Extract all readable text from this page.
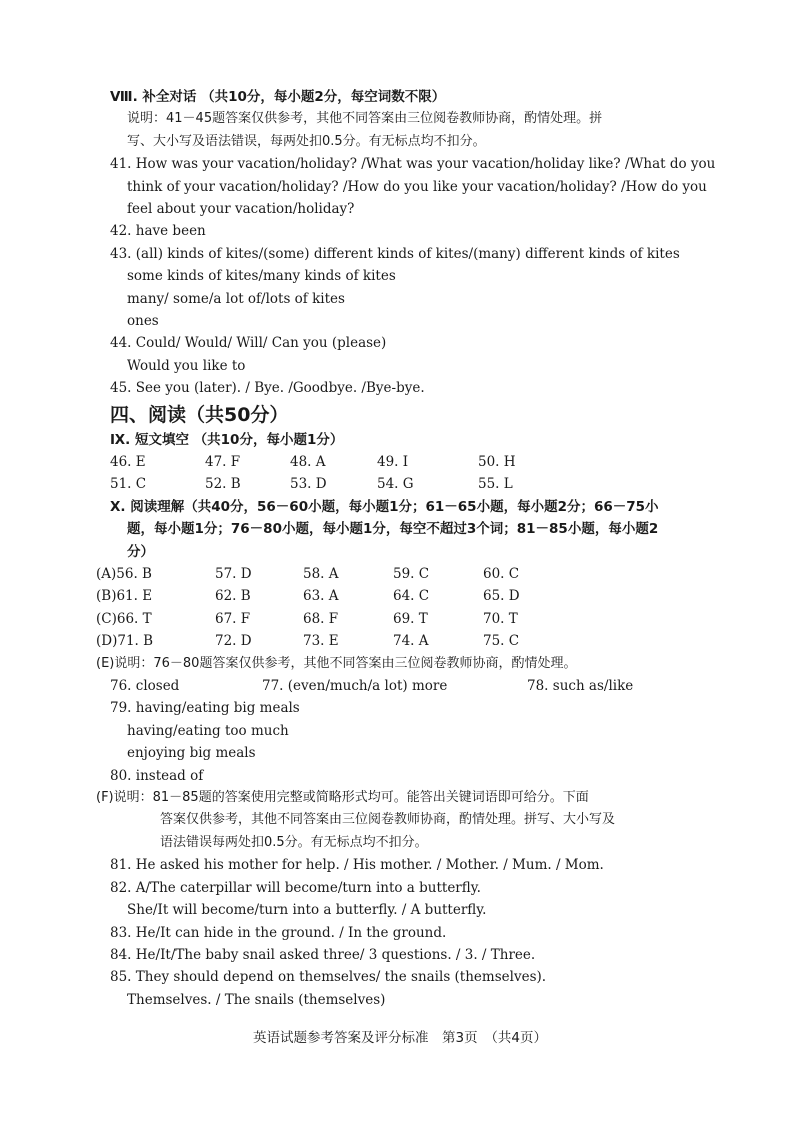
Ⅷ. 补全对话 （共10分，每小题2分，每空词数不限）
说明：41－45题答案仅供参考，其他不同答案由三位阅卷教师协商，酌情处理。拼
写、大小写及语法错误，每两处扣0.5分。有无标点均不扣分。
41. How was your vacation/holiday? /What was your vacation/holiday like? /What do you
think of your vacation/holiday? /How do you like your vacation/holiday? /How do you
feel about your vacation/holiday?
42. have been
43. (all) kinds of kites/(some) different kinds of kites/(many) different kinds of kites
some kinds of kites/many kinds of kites
many/ some/a lot of/lots of kites
ones
44. Could/ Would/ Will/ Can you (please)
Would you like to
45. See you (later). / Bye. /Goodbye. /Bye-bye.
四、阅读（共50分）
Ⅸ. 短文填空 （共10分，每小题1分）
46. E	47. F	48. A	49. I	50. H
51. C	52. B	53. D	54. G	55. L
Ⅹ. 阅读理解（共40分，56－60小题，每小题1分；61－65小题，每小题2分；66－75小
题，每小题1分；76－80小题，每小题1分，每空不超过3个词；81－85小题，每小题2
分）
(A)56. B	57. D	58. A	59. C	60. C
(B)61. E	62. B	63. A	64. C	65. D
(C)66. T	67. F	68. F	69. T	70. T
(D)71. B	72. D	73. E	74. A	75. C
(E)说明：76－80题答案仅供参考，其他不同答案由三位阅卷教师协商，酌情处理。
76. closed	77. (even/much/a lot) more	78. such as/like
79. having/eating big meals
having/eating too much
enjoying big meals
80. instead of
(F)说明：81－85题的答案使用完整或简略形式均可。能答出关键词语即可给分。下面
答案仅供参考，其他不同答案由三位阅卷教师协商，酌情处理。拼写、大小写及
语法错误每两处扣0.5分。有无标点均不扣分。
81. He asked his mother for help. / His mother. / Mother. / Mum. / Mom.
82. A/The caterpillar will become/turn into a butterfly.
She/It will become/turn into a butterfly. / A butterfly.
83. He/It can hide in the ground. / In the ground.
84. He/It/The baby snail asked three/ 3 questions. / 3. / Three.
85. They should depend on themselves/ the snails (themselves).
Themselves. / The snails (themselves)
英语试题参考答案及评分标准　第3页　（共4页）
